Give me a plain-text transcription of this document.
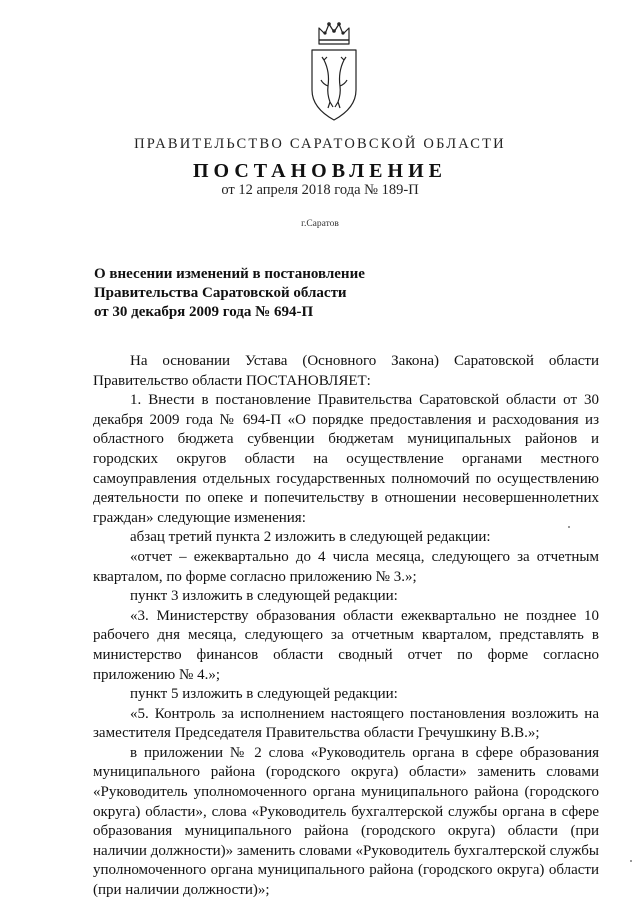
ПРАВИТЕЛЬСТВО САРАТОВСКОЙ ОБЛАСТИ
ПОСТАНОВЛЕНИЕ
от 12 апреля 2018 года № 189-П
г.Саратов
О внесении изменений в постановление
Правительства Саратовской области
от 30 декабря 2009 года № 694-П

На основании Устава (Основного Закона) Саратовской области Правительство области ПОСТАНОВЛЯЕТ:

1. Внести в постановление Правительства Саратовской области от 30 декабря 2009 года № 694-П «О порядке предоставления и расходования из областного бюджета субвенции бюджетам муниципальных районов и городских округов области на осуществление органами местного самоуправления отдельных государственных полномочий по осуществлению деятельности по опеке и попечительству в отношении несовершеннолетних граждан» следующие изменения:

абзац третий пункта 2 изложить в следующей редакции:

«отчет – ежеквартально до 4 числа месяца, следующего за отчетным кварталом, по форме согласно приложению № 3.»;

пункт 3 изложить в следующей редакции:

«3. Министерству образования области ежеквартально не позднее 10 рабочего дня месяца, следующего за отчетным кварталом, представлять в министерство финансов области сводный отчет по форме согласно приложению № 4.»;

пункт 5 изложить в следующей редакции:

«5. Контроль за исполнением настоящего постановления возложить на заместителя Председателя Правительства области Гречушкину В.В.»;

в приложении № 2 слова «Руководитель органа в сфере образования муниципального района (городского округа) области» заменить словами «Руководитель уполномоченного органа муниципального района (городского округа) области», слова «Руководитель бухгалтерской службы органа в сфере образования муниципального района (городского округа) области (при наличии должности)» заменить словами «Руководитель бухгалтерской службы уполномоченного органа муниципального района (городского округа) области (при наличии должности)»;
